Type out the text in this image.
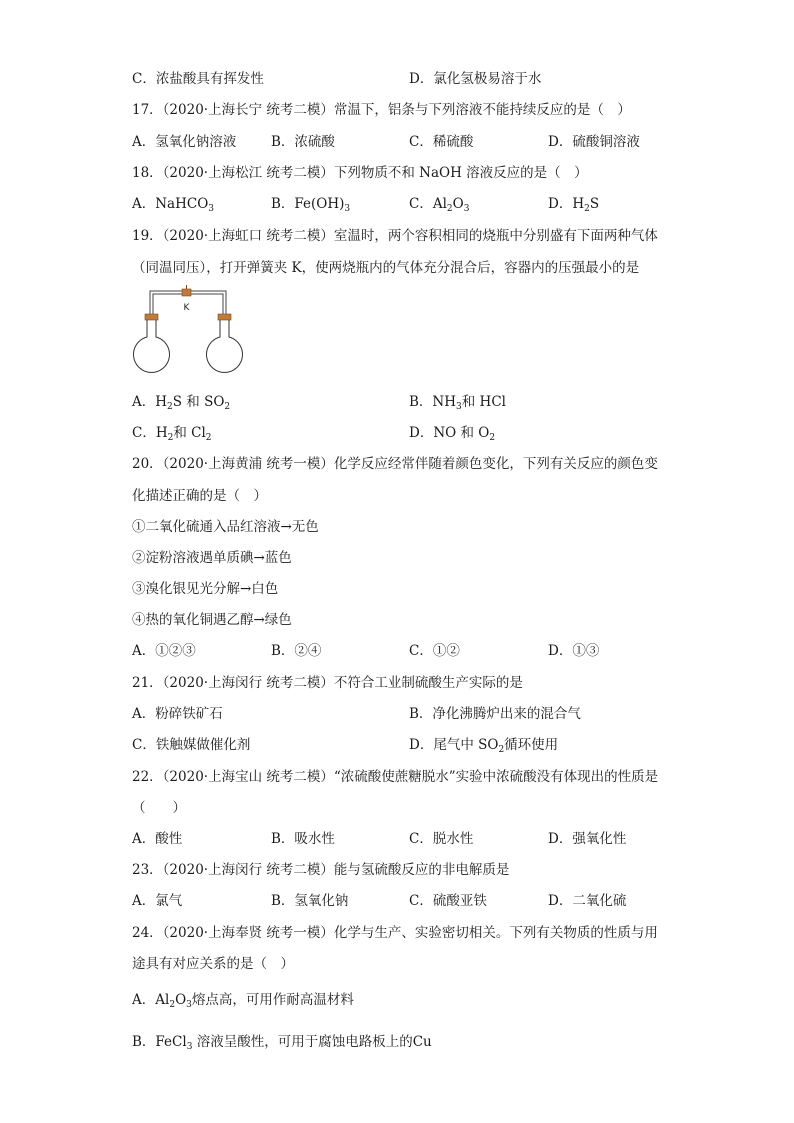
C．浓盐酸具有挥发性	D．氯化氢极易溶于水
17．（2020·上海长宁 统考二模）常温下，铝条与下列溶液不能持续反应的是（　）
A．氢氧化钠溶液	B．浓硫酸	C．稀硫酸	D．硫酸铜溶液
18．（2020·上海松江 统考二模）下列物质不和 NaOH 溶液反应的是（　）
A．NaHCO$_3$	B．$Fe(OH)_3$	C．$Al_2O_3$	D．$H_2S$
19．（2020·上海虹口 统考二模）室温时，两个容积相同的烧瓶中分别盛有下面两种气体
（同温同压），打开弹簧夹 K，使两烧瓶内的气体充分混合后，容器内的压强最小的是
K
A．$H_2S$ 和 $SO_2$	B．$NH_3$和 HCl
C．$H_2$和 $Cl_2$	D．NO 和 $O_2$
20．（2020·上海黄浦 统考一模）化学反应经常伴随着颜色变化，下列有关反应的颜色变
化描述正确的是（　）
①二氧化硫通入品红溶液→无色
②淀粉溶液遇单质碘→蓝色
③溴化银见光分解→白色
④热的氧化铜遇乙醇→绿色
A．①②③	B．②④	C．①②	D．①③
21．（2020·上海闵行 统考二模）不符合工业制硫酸生产实际的是
A．粉碎铁矿石	B．净化沸腾炉出来的混合气
C．铁触媒做催化剂	D．尾气中 $SO_2$循环使用
22．（2020·上海宝山 统考二模）“浓硫酸使蔗糖脱水”实验中浓硫酸没有体现出的性质是
（　　）
A．酸性	B．吸水性	C．脱水性	D．强氧化性
23．（2020·上海闵行 统考二模）能与氢硫酸反应的非电解质是
A．氯气	B．氢氧化钠	C．硫酸亚铁	D．二氧化硫
24．（2020·上海奉贤 统考一模）化学与生产、实验密切相关。下列有关物质的性质与用
途具有对应关系的是（　）
A．$Al_2O_3$熔点高，可用作耐高温材料
B．FeCl$_3$ 溶液呈酸性，可用于腐蚀电路板上的Cu
